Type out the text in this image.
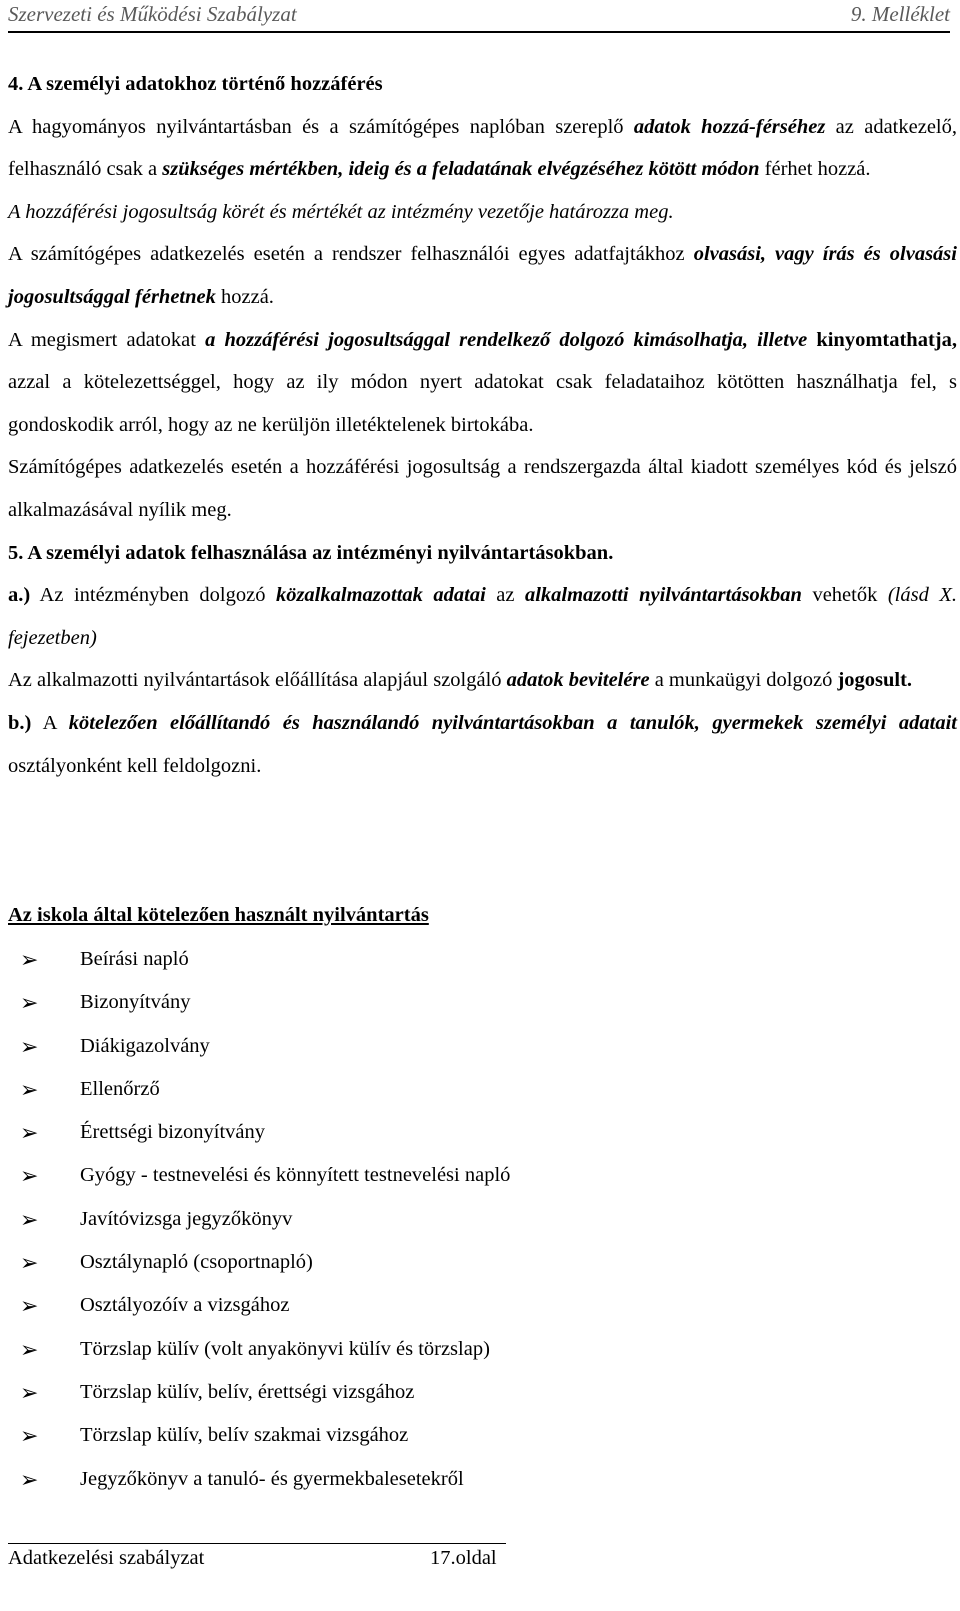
Szervezeti és Működési Szabályzat	9. Melléklet

4. A személyi adatokhoz történő hozzáférés

A hagyományos nyilvántartásban és a számítógépes naplóban szereplő adatok hozzá-férséhez az adatkezelő, felhasználó csak a szükséges mértékben, ideig és a feladatának elvégzéséhez kötött módon férhet hozzá.

A hozzáférési jogosultság körét és mértékét az intézmény vezetője határozza meg.

A számítógépes adatkezelés esetén a rendszer felhasználói egyes adatfajtákhoz olvasási, vagy írás és olvasási jogosultsággal férhetnek hozzá.

A megismert adatokat a hozzáférési jogosultsággal rendelkező dolgozó kimásolhatja, illetve kinyomtathatja, azzal a kötelezettséggel, hogy az ily módon nyert adatokat csak feladataihoz kötötten használhatja fel, s gondoskodik arról, hogy az ne kerüljön illetéktelenek birtokába.

Számítógépes adatkezelés esetén a hozzáférési jogosultság a rendszergazda által kiadott személyes kód és jelszó alkalmazásával nyílik meg.

5. A személyi adatok felhasználása az intézményi nyilvántartásokban.

a.) Az intézményben dolgozó közalkalmazottak adatai az alkalmazotti nyilvántartásokban vehetők (lásd X. fejezetben)

Az alkalmazotti nyilvántartások előállítása alapjául szolgáló adatok bevitelére a munkaügyi dolgozó jogosult.

b.) A kötelezően előállítandó és használandó nyilvántartásokban a tanulók, gyermekek személyi adatait osztályonként kell feldolgozni.

Az iskola által kötelezően használt nyilvántartás
➢	Beírási napló
➢	Bizonyítvány
➢	Diákigazolvány
➢	Ellenőrző
➢	Érettségi bizonyítvány
➢	Gyógy - testnevelési és könnyített testnevelési napló
➢	Javítóvizsga jegyzőkönyv
➢	Osztálynapló (csoportnapló)
➢	Osztályozóív a vizsgához
➢	Törzslap külív (volt anyakönyvi külív és törzslap)
➢	Törzslap külív, belív, érettségi vizsgához
➢	Törzslap külív, belív szakmai vizsgához
➢	Jegyzőkönyv a tanuló- és gyermekbalesetekről
Adatkezelési szabályzat	17.oldal
